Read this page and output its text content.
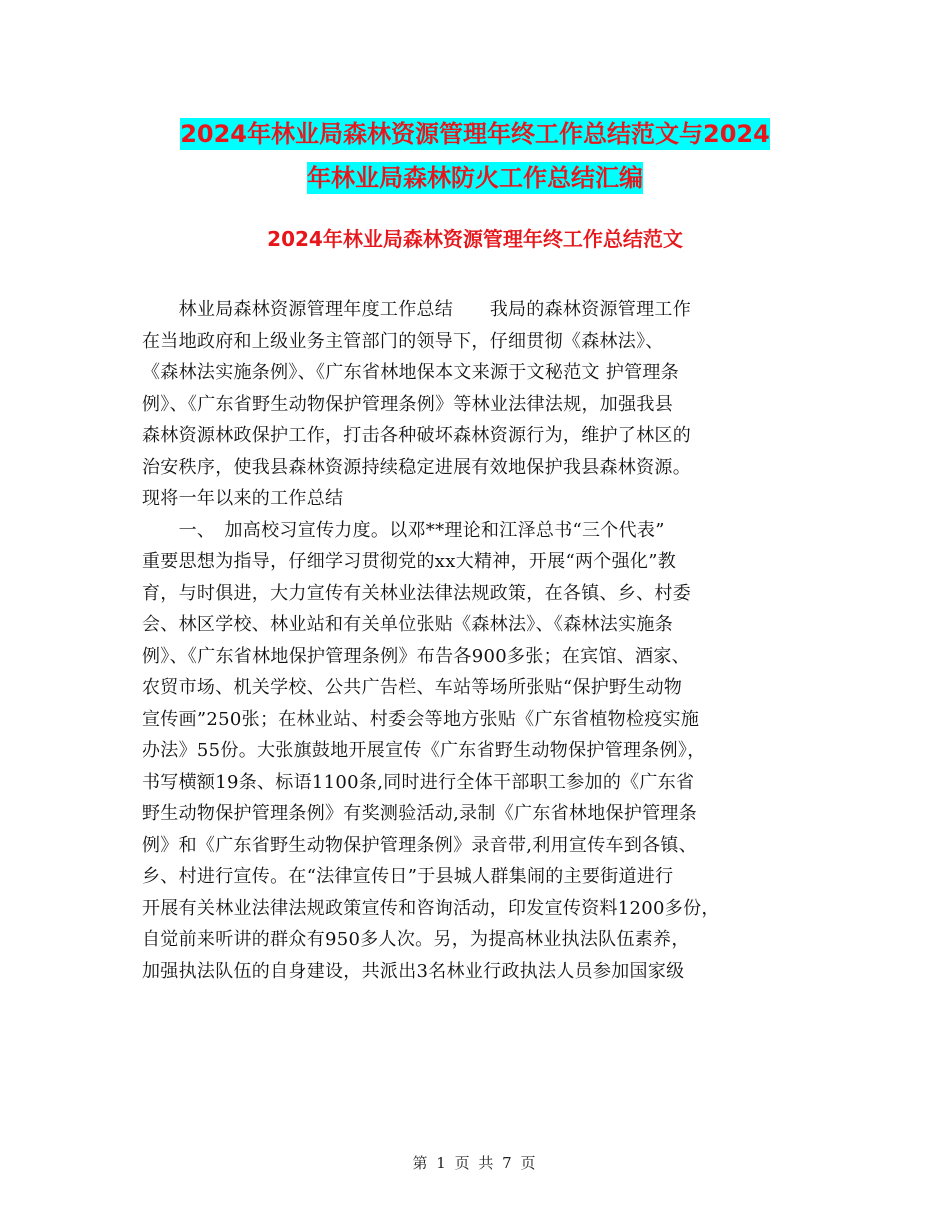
2024年林业局森林资源管理年终工作总结范文与2024
年林业局森林防火工作总结汇编
2024年林业局森林资源管理年终工作总结范文
　　林业局森林资源管理年度工作总结　　我局的森林资源管理工作
在当地政府和上级业务主管部门的领导下，仔细贯彻《森林法》、
《森林法实施条例》、《广东省林地保本文来源于文秘范文 护管理条
例》、《广东省野生动物保护管理条例》等林业法律法规，加强我县
森林资源林政保护工作，打击各种破坏森林资源行为，维护了林区的
治安秩序，使我县森林资源持续稳定进展有效地保护我县森林资源。
现将一年以来的工作总结
　　一、　加高校习宣传力度。以邓**理论和江泽总书“三个代表”
重要思想为指导，仔细学习贯彻党的xx大精神，开展“两个强化”教
育，与时俱进，大力宣传有关林业法律法规政策，在各镇、乡、村委
会、林区学校、林业站和有关单位张贴《森林法》、《森林法实施条
例》、《广东省林地保护管理条例》布告各900多张；在宾馆、酒家、
农贸市场、机关学校、公共广告栏、车站等场所张贴“保护野生动物
宣传画”250张；在林业站、村委会等地方张贴《广东省植物检疫实施
办法》55份。大张旗鼓地开展宣传《广东省野生动物保护管理条例》，
书写横额19条、标语1100条,同时进行全体干部职工参加的《广东省
野生动物保护管理条例》有奖测验活动,录制《广东省林地保护管理条
例》和《广东省野生动物保护管理条例》录音带,利用宣传车到各镇、
乡、村进行宣传。在“法律宣传日”于县城人群集闹的主要街道进行
开展有关林业法律法规政策宣传和咨询活动，印发宣传资料1200多份，
自觉前来听讲的群众有950多人次。另，为提高林业执法队伍素养，
加强执法队伍的自身建设，共派出3名林业行政执法人员参加国家级
第 1 页 共 7 页
